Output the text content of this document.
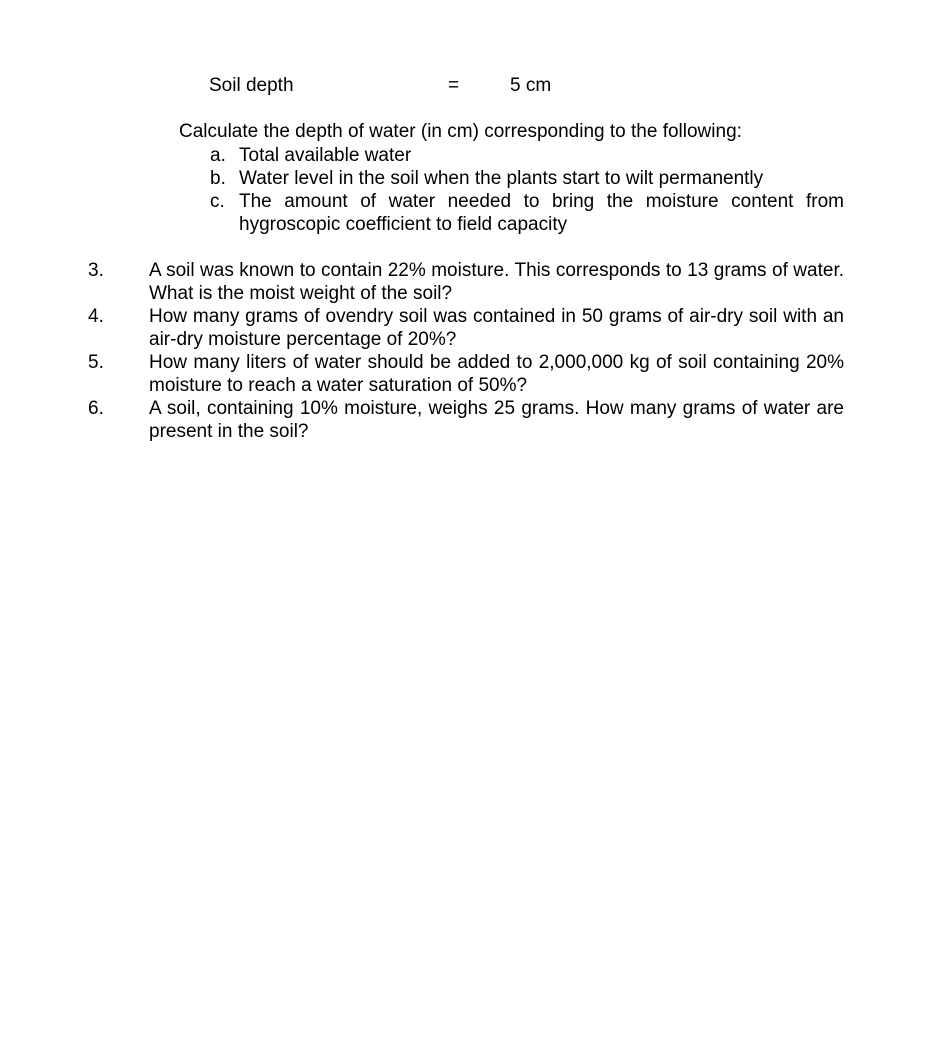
Soil depth	=	5 cm
Calculate the depth of water (in cm) corresponding to the following:
a. Total available water
b. Water level in the soil when the plants start to wilt permanently
c. The amount of water needed to bring the moisture content from hygroscopic coefficient to field capacity
3. A soil was known to contain 22% moisture. This corresponds to 13 grams of water. What is the moist weight of the soil?
4. How many grams of ovendry soil was contained in 50 grams of air-dry soil with an air-dry moisture percentage of 20%?
5. How many liters of water should be added to 2,000,000 kg of soil containing 20% moisture to reach a water saturation of 50%?
6. A soil, containing 10% moisture, weighs 25 grams. How many grams of water are present in the soil?
